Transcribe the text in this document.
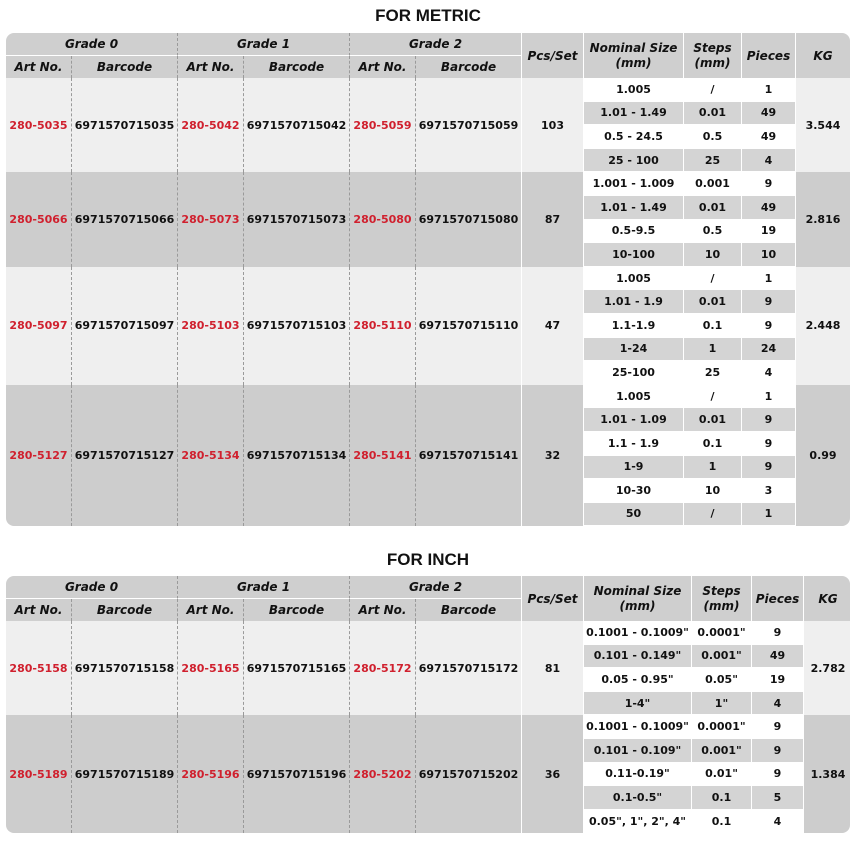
FOR METRIC
Grade 0		Grade 1		Grade 2		Pcs/Set	Nominal Size (mm)	Steps (mm)	Pieces	KG
Art No.	Barcode	Art No.	Barcode	Art No.	Barcode					
280-5035	6971570715035	280-5042	6971570715042	280-5059	6971570715059	103	1.005	/	1	3.544
							1.01 - 1.49	0.01	49	
							0.5 - 24.5	0.5	49	
							25 - 100	25	4	
280-5066	6971570715066	280-5073	6971570715073	280-5080	6971570715080	87	1.001 - 1.009	0.001	9	2.816
							1.01 - 1.49	0.01	49	
							0.5-9.5	0.5	19	
							10-100	10	10	
280-5097	6971570715097	280-5103	6971570715103	280-5110	6971570715110	47	1.005	/	1	2.448
							1.01 - 1.9	0.01	9	
							1.1-1.9	0.1	9	
							1-24	1	24	
							25-100	25	4	
280-5127	6971570715127	280-5134	6971570715134	280-5141	6971570715141	32	1.005	/	1	0.99
							1.01 - 1.09	0.01	9	
							1.1 - 1.9	0.1	9	
							1-9	1	9	
							10-30	10	3	
							50	/	1	
FOR INCH
Grade 0		Grade 1		Grade 2		Pcs/Set	Nominal Size (mm)	Steps (mm)	Pieces	KG
Art No.	Barcode	Art No.	Barcode	Art No.	Barcode					
280-5158	6971570715158	280-5165	6971570715165	280-5172	6971570715172	81	0.1001 - 0.1009"	0.0001"	9	2.782
							0.101 - 0.149"	0.001"	49	
							0.05 - 0.95"	0.05"	19	
							1-4"	1"	4	
280-5189	6971570715189	280-5196	6971570715196	280-5202	6971570715202	36	0.1001 - 0.1009"	0.0001"	9	1.384
							0.101 - 0.109"	0.001"	9	
							0.11-0.19"	0.01"	9	
							0.1-0.5"	0.1	5	
							0.05", 1", 2", 4"	0.1	4	
